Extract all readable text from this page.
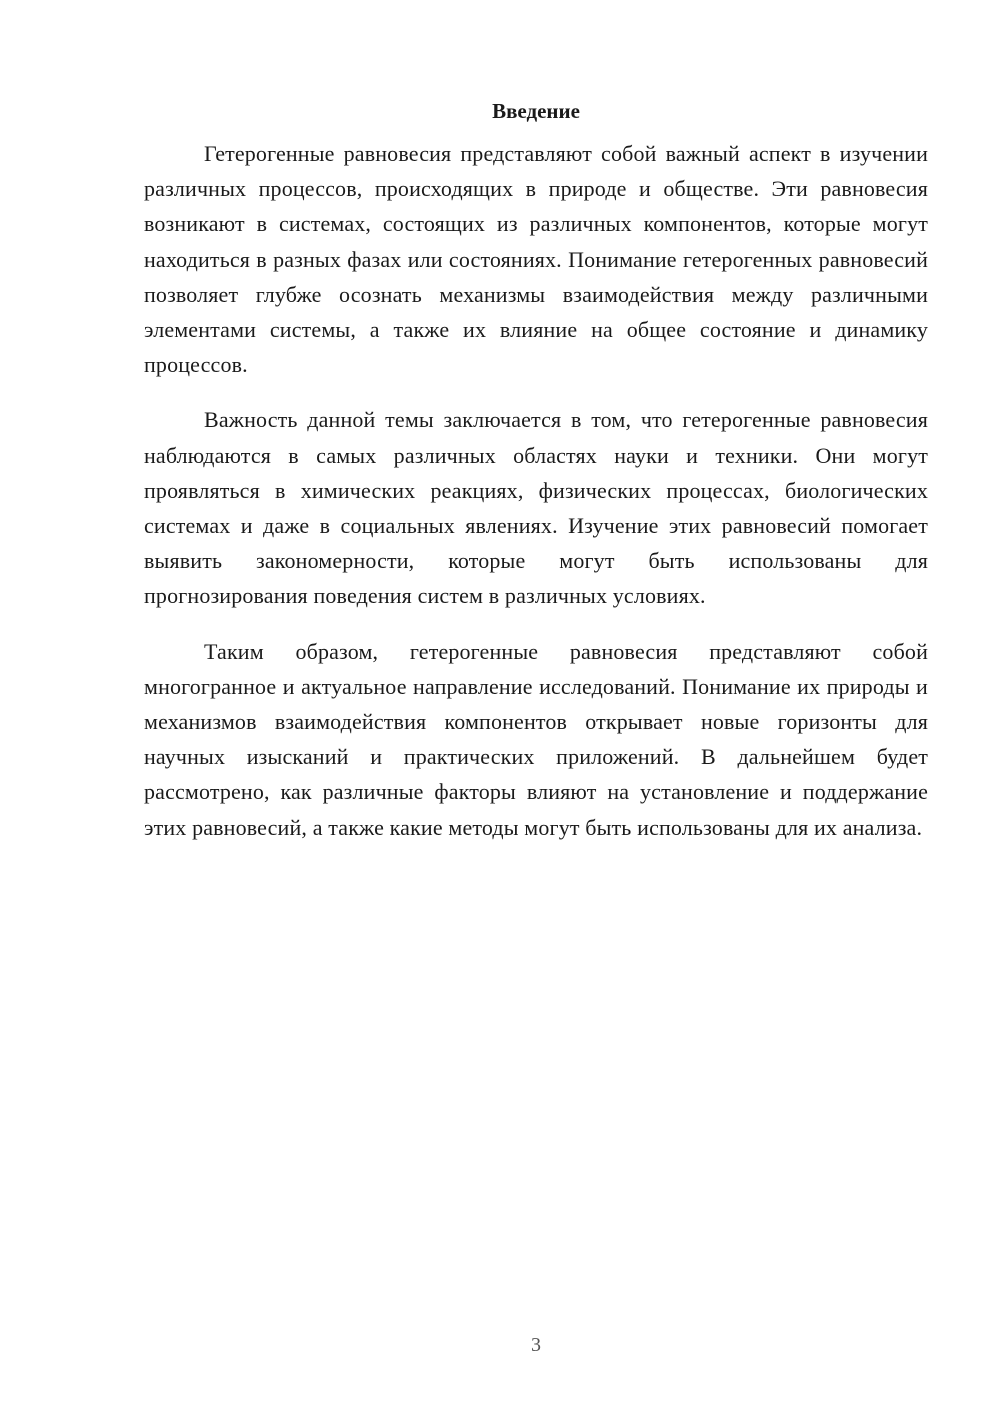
Введение

Гетерогенные равновесия представляют собой важный аспект в изучении различных процессов, происходящих в природе и обществе. Эти равновесия возникают в системах, состоящих из различных компонентов, которые могут находиться в разных фазах или состояниях. Понимание гетерогенных равновесий позволяет глубже осознать механизмы взаимодействия между различными элементами системы, а также их влияние на общее состояние и динамику процессов.

Важность данной темы заключается в том, что гетерогенные равновесия наблюдаются в самых различных областях науки и техники. Они могут проявляться в химических реакциях, физических процессах, биологических системах и даже в социальных явлениях. Изучение этих равновесий помогает выявить закономерности, которые могут быть использованы для прогнозирования поведения систем в различных условиях.

Таким образом, гетерогенные равновесия представляют собой многогранное и актуальное направление исследований. Понимание их природы и механизмов взаимодействия компонентов открывает новые горизонты для научных изысканий и практических приложений. В дальнейшем будет рассмотрено, как различные факторы влияют на установление и поддержание этих равновесий, а также какие методы могут быть использованы для их анализа.

3
